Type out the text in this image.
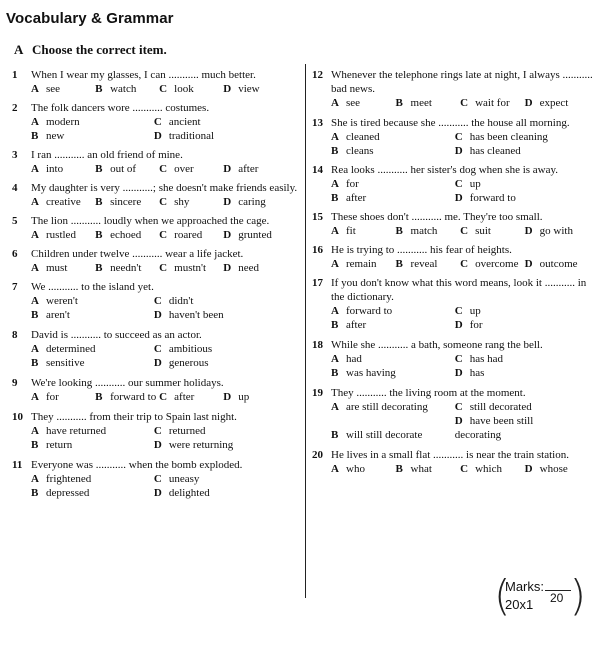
Vocabulary & Grammar
A Choose the correct item.
1 When I wear my glasses, I can ........... much better.
A see	B watch C look	D view
2 The folk dancers wore ........... costumes.
A modern	C ancient
B new	D traditional
3 I ran ........... an old friend of mine.
A into	B out of C over	D after
4 My daughter is very ...........; she doesn't make friends easily.
A creative B sincere C shy	D caring
5 The lion ........... loudly when we approached the cage.
A rustled B echoed C roared D grunted
6 Children under twelve ........... wear a life jacket.
A must	B needn't C mustn't D need
7 We ........... to the island yet.
A weren't	C didn't
B aren't	D haven't been
8 David is ........... to succeed as an actor.
A determined	C ambitious
B sensitive	D generous
9 We're looking ........... our summer holidays.
A for	B forward to C after	D up
10 They ........... from their trip to Spain last night.
A have returned	C returned
B return	D were returning
11 Everyone was ........... when the bomb exploded.
A frightened	C uneasy
B depressed	D delighted
12 Whenever the telephone rings late at night, I always ........... bad news.
A see	B meet	C wait for D expect
13 She is tired because she ........... the house all morning.
A cleaned	C has been cleaning
B cleans	D has cleaned
14 Rea looks ........... her sister's dog when she is away.
A for	C up
B after	D forward to
15 These shoes don't ........... me. They're too small.
A fit	B match C suit	D go with
16 He is trying to ........... his fear of heights.
A remain B reveal C overcome D outcome
17 If you don't know what this word means, look it ........... in the dictionary.
A forward to	C up
B after	D for
18 While she ........... a bath, someone rang the bell.
A had	C has had
B was having	D has
19 They ........... the living room at the moment.
A are still decorating C still decorated
B will still decorateD have been still decorating
20 He lives in a small flat ........... is near the train station.
A who	B what	C which D whose
(
Marks:
20x1 20 )
